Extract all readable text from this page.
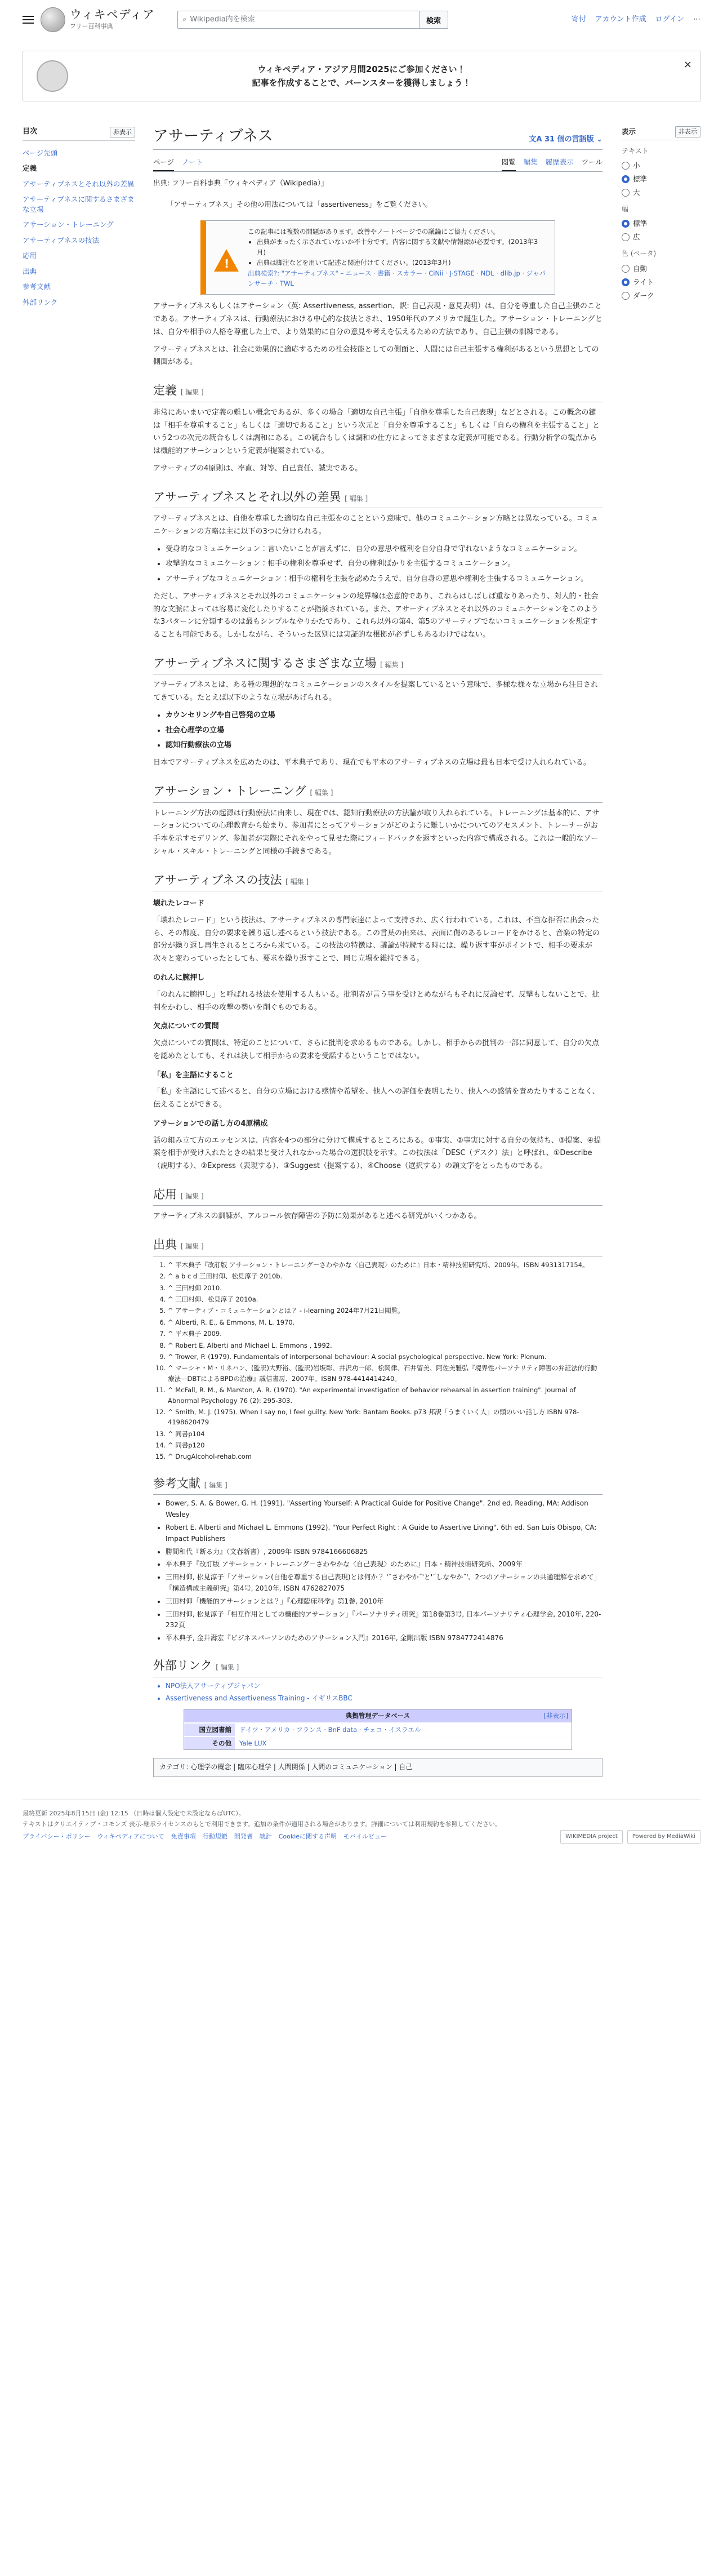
ウィキペディア
フリー百科事典
⌕ Wikipedia内を検索	検索	寄付 アカウント作成 ログイン ⋯
ウィキペディア・アジア月間2025にご参加ください！
記事を作成することで、バーンスターを獲得しましょう！
×
目次	非表示
ページ先頭
定義
アサーティブネスとそれ以外の差異
アサーティブネスに関するさまざまな立場
アサーション・トレーニング
アサーティブネスの技法
応用
出典
参考文献
外部リンク
アサーティブネス	文A 31 個の言語版 ⌄
ページ ノート	閲覧 編集 履歴表示 ツール
出典: フリー百科事典『ウィキペディア（Wikipedia）』
「アサーティブネス」その他の用法については「assertiveness」をご覧ください。
!
この記事には複数の問題があります。改善やノートページでの議論にご協力ください。
• 出典がまったく示されていないか不十分です。内容に関する文献や情報源が必要です。(2013年3月)
• 出典は脚注などを用いて記述と関連付けてください。(2013年3月)
出典検索?: "アサーティブネス" – ニュース · 書籍 · スカラー · CiNii · J-STAGE · NDL · dlib.jp · ジャパンサーチ · TWL

アサーティブネスもしくはアサーション（英: Assertiveness, assertion、訳: 自己表現・意見表明）は、自分を尊重した自己主張のことである。アサーティブネスは、行動療法における中心的な技法とされ、1950年代のアメリカで誕生した。アサーション・トレーニングとは、自分や相手の人格を尊重した上で、より効果的に自分の意見や考えを伝えるための方法であり、自己主張の訓練である。

アサーティブネスとは、社会に効果的に適応するための社会技能としての側面と、人間には自己主張する権利があるという思想としての側面がある。

定義 [ 編集 ]

非常にあいまいで定義の難しい概念であるが、多くの場合「適切な自己主張」「自他を尊重した自己表現」などとされる。この概念の鍵は「相手を尊重すること」もしくは「適切であること」という次元と「自分を尊重すること」もしくは「自らの権利を主張すること」という2つの次元の統合もしくは調和にある。この統合もしくは調和の仕方によってさまざまな定義が可能である。行動分析学の観点からは機能的アサーションという定義が提案されている。

アサーティブの4原則は、率直、対等、自己責任、誠実である。

アサーティブネスとそれ以外の差異 [ 編集 ]

アサーティブネスとは、自他を尊重した適切な自己主張をのことという意味で、他のコミュニケーション方略とは異なっている。コミュニケーションの方略は主に以下の3つに分けられる。

• 受身的なコミュニケーション：言いたいことが言えずに、自分の意思や権利を自分自身で守れないようなコミュニケーション。
• 攻撃的なコミュニケーション：相手の権利を尊重せず、自分の権利ばかりを主張するコミュニケーション。
• アサーティブなコミュニケーション：相手の権利を主張を認めたうえで、自分自身の意思や権利を主張するコミュニケーション。

ただし、アサーティブネスとそれ以外のコミュニケーションの境界線は恣意的であり、これらはしばしば重なりあったり、対人的・社会的な文脈によっては容易に変化したりすることが指摘されている。また、アサーティブネスとそれ以外のコミュニケーションをこのような3パターンに分類するのは最もシンプルなやりかたであり、これら以外の第4、第5のアサーティブでないコミュニケーションを想定することも可能である。しかしながら、そういった区別には実証的な根拠が必ずしもあるわけではない。

アサーティブネスに関するさまざまな立場 [ 編集 ]

アサーティブネスとは、ある種の理想的なコミュニケーションのスタイルを提案しているという意味で、多様な様々な立場から注目されてきている。たとえば以下のような立場があげられる。

• カウンセリングや自己啓発の立場
• 社会心理学の立場
• 認知行動療法の立場

日本でアサーティブネスを広めたのは、平木典子であり、現在でも平木のアサーティブネスの立場は最も日本で受け入れられている。

アサーション・トレーニング [ 編集 ]

トレーニング方法の起源は行動療法に由来し、現在では、認知行動療法の方法論が取り入れられている。トレーニングは基本的に、アサーションについての心理教育から始まり、参加者にとってアサーションがどのように難しいかについてのアセスメント、トレーナーがお手本を示すモデリング、参加者が実際にそれをやって見せた際にフィードバックを返すといった内容で構成される。これは一般的なソーシャル・スキル・トレーニングと同様の手続きである。

アサーティブネスの技法 [ 編集 ]
壊れたレコード

「壊れたレコード」という技法は、アサーティブネスの専門家達によって支持され、広く行われている。これは、不当な拒否に出会ったら、その都度、自分の要求を繰り返し述べるという技法である。この言葉の由来は、表面に傷のあるレコードをかけると、音楽の特定の部分が繰り返し再生されるところから来ている。この技法の特徴は、議論が持続する時には、繰り返す事がポイントで、相手の要求が次々と変わっていったとしても、要求を繰り返すことで、同じ立場を維持できる。

のれんに腕押し

「のれんに腕押し」と呼ばれる技法を使用する人もいる。批判者が言う事を受けとめながらもそれに反論せず、反撃もしないことで、批判をかわし、相手の攻撃の勢いを削ぐものである。

欠点についての質問

欠点についての質問は、特定のことについて、さらに批判を求めるものである。しかし、相手からの批判の一部に同意して、自分の欠点を認めたとしても、それは決して相手からの要求を受諾するということではない。

「私」を主語にすること

「私」を主語にして述べると、自分の立場における感情や希望を、他人への評価を表明したり、他人への感情を責めたりすることなく、伝えることができる。

アサーションでの話し方の4原構成

話の組み立て方のエッセンスは、内容を4つの部分に分けて構成するところにある。①事実、②事実に対する自分の気持ち、③提案、④提案を相手が受け入れたときの結果と受け入れなかった場合の選択肢を示す。この技法は「DESC（デスク）法」と呼ばれ、①Describe（説明する）、②Express（表現する）、③Suggest（提案する）、④Choose（選択する）の頭文字をとったものである。

応用 [ 編集 ]

アサーティブネスの訓練が、アルコール依存障害の予防に効果があると述べる研究がいくつかある。

出典 [ 編集 ]
1. ^ 平木典子『改訂版 アサーション・トレーニング－さわやかな〈自己表現〉のために』日本・精神技術研究所、2009年。ISBN 4931317154。
2. ^ a b c d 三田村仰、松見淳子 2010b.
3. ^ 三田村仰 2010.
4. ^ 三田村仰、松見淳子 2010a.
5. ^ アサーティブ・コミュニケーションとは？ - i-learning 2024年7月21日閲覧。
6. ^ Alberti, R. E., & Emmons, M. L. 1970.
7. ^ 平木典子 2009.
8. ^ Robert E. Alberti and Michael L. Emmons , 1992.
9. ^ Trower, P. (1979). Fundamentals of interpersonal behaviour: A social psychological perspective. New York: Plenum.
10. ^ マーシャ・M・リネハン、(監訳)大野裕、(監訳)岩坂彰、井沢功一郎、松岡律、石井留美、阿佐美雅弘『境界性パーソナリティ障害の弁証法的行動療法―DBTによるBPDの治療』誠信書房、2007年。ISBN 978-4414414240。
11. ^ McFall, R. M., & Marston, A. R. (1970). "An experimental investigation of behavior rehearsal in assertion training". Journal of Abnormal Psychology 76 (2): 295-303.
12. ^ Smith, M. J. (1975). When I say no, I feel guilty. New York: Bantam Books. p73 邦訳「うまくいく人」の頭のいい話し方 ISBN 978-4198620479
13. ^ 同書p104
14. ^ 同書p120
15. ^ DrugAlcohol-rehab.com
参考文献 [ 編集 ]
• Bower, S. A. & Bower, G. H. (1991). "Asserting Yourself: A Practical Guide for Positive Change". 2nd ed. Reading, MA: Addison Wesley
• Robert E. Alberti and Michael L. Emmons (1992). "Your Perfect Right : A Guide to Assertive Living". 6th ed. San Luis Obispo, CA: Impact Publishers
• 勝間和代『断る力』（文春新書）, 2009年 ISBN 9784166606825
• 平木典子『改訂版 アサーション・トレーニング－さわやかな〈自己表現〉のために』日本・精神技術研究所、2009年
• 三田村仰, 松見淳子「アサーション(自他を尊重する自己表現)とは何か？ '˝さわやか˝'と'˝しなやか˝'、2つのアサーションの共通理解を求めて」『構造構成主義研究』第4号, 2010年, ISBN 4762827075
• 三田村仰「機能的アサーションとは？」『心理臨床科学』第1巻, 2010年
• 三田村仰, 松見淳子「相互作用としての機能的アサーション」『パーソナリティ研究』第18巻第3号, 日本パーソナリティ心理学会, 2010年, 220-232頁
• 平木典子, 金井壽宏『ビジネスパーソンのためのアサーション入門』2016年, 金剛出版 ISBN 9784772414876
外部リンク [ 編集 ]
• NPO法人アサーティブジャパン
• Assertiveness and Assertiveness Training - イギリスBBC
典拠管理データベース	[非表示]
国立図書館	ドイツ · アメリカ · フランス · BnF data · チェコ · イスラエル
その他	Yale LUX
カテゴリ: 心理学の概念 | 臨床心理学 | 人間関係 | 人間のコミュニケーション | 自己
表示	非表示
テキスト
小
標準
大
幅
標準
広
色 (ベータ)
自動
ライト
ダーク
最終更新 2025年8月15日 (金) 12:15 （日時は個人設定で未設定ならばUTC）。
テキストはクリエイティブ・コモンズ 表示-継承ライセンスのもとで利用できます。追加の条件が適用される場合があります。詳細については利用規約を参照してください。
プライバシー・ポリシー ウィキペディアについて 免責事項 行動規範 開発者 統計 Cookieに関する声明 モバイルビュー	WIKIMEDIA project	Powered by MediaWiki
